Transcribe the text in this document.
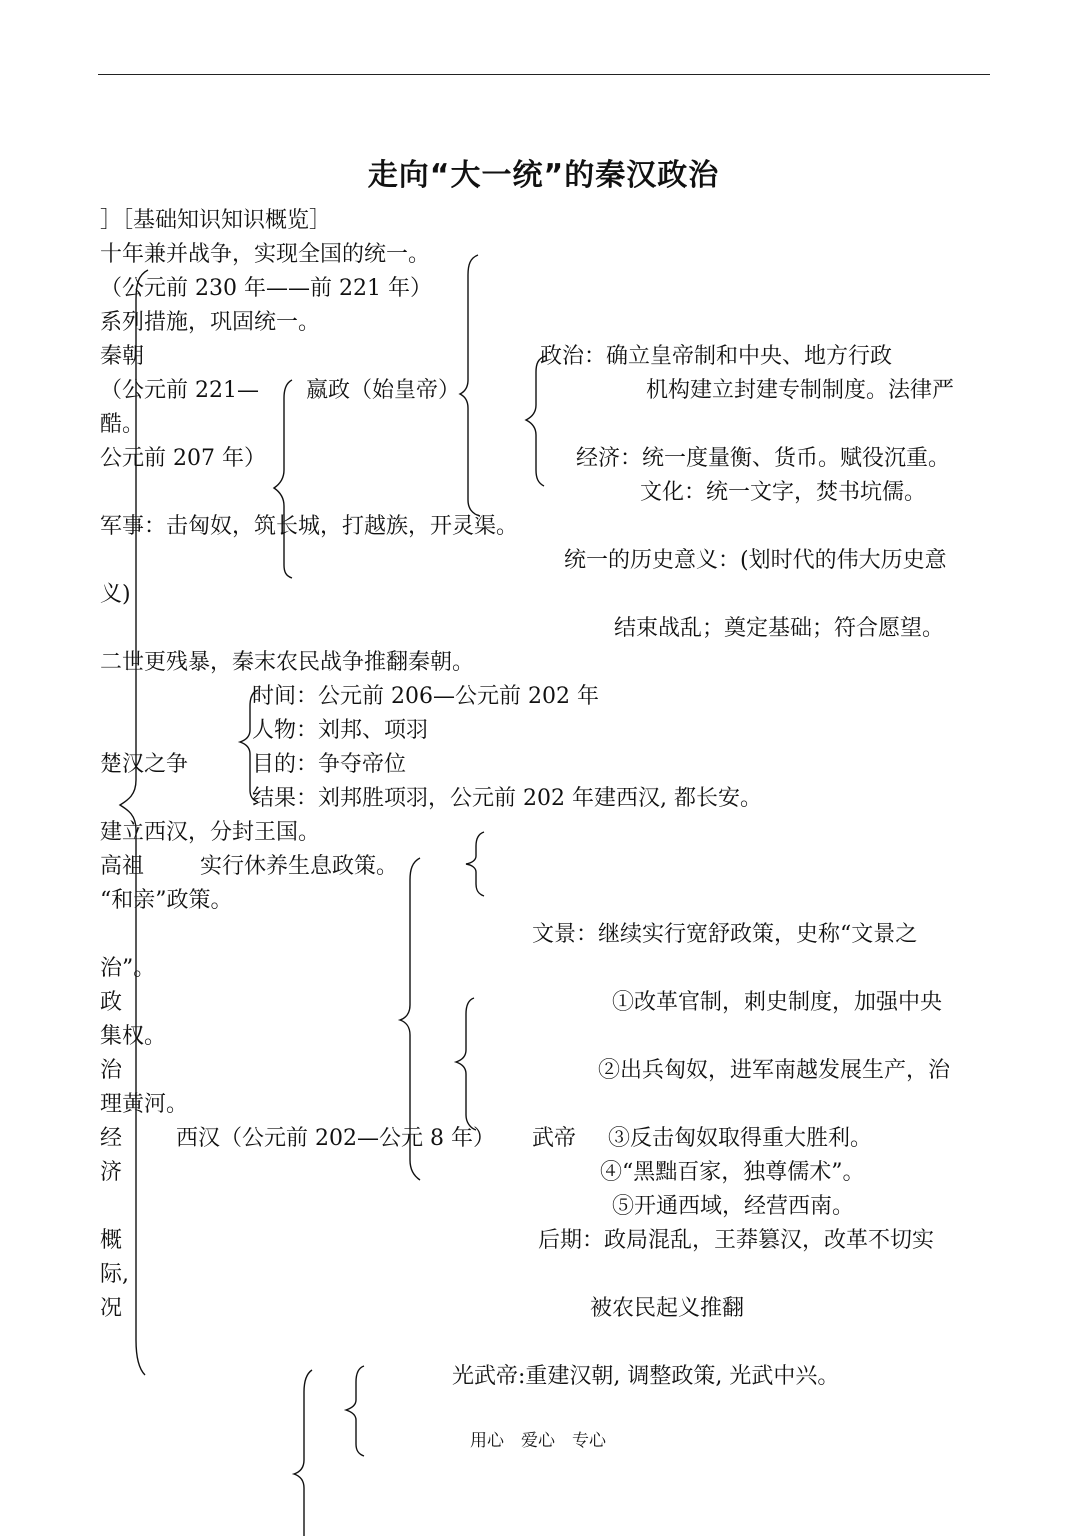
走向“大一统”的秦汉政治
］［基础知识知识概览］
十年兼并战争，实现全国的统一。
（公元前 230 年——前 221 年）
系列措施，巩固统一。
秦朝	政治：确立皇帝制和中央、地方行政
（公元前 221— 嬴政（始皇帝）	机构建立封建专制制度。法律严
酷。
公元前 207 年）	经济：统一度量衡、货币。赋役沉重。
文化：统一文字，焚书坑儒。
军事：击匈奴，筑长城，打越族，开灵渠。
统一的历史意义：(划时代的伟大历史意
义)
结束战乱；奠定基础；符合愿望。
二世更残暴，秦末农民战争推翻秦朝。
时间：公元前 206—公元前 202 年
人物：刘邦、项羽
楚汉之争	目的：争夺帝位
结果：刘邦胜项羽，公元前 202 年建西汉, 都长安。
建立西汉，分封王国。
高祖	实行休养生息政策。
“和亲”政策。
文景：继续实行宽舒政策，史称“文景之
治”。
政	①改革官制，刺史制度，加强中央
集权。
治	②出兵匈奴，进军南越发展生产，治
理黄河。
经 西汉（公元前 202—公元 8 年） 武帝 ③反击匈奴取得重大胜利。
济	④“黑黜百家，独尊儒术”。
⑤开通西域，经营西南。
概	后期：政局混乱，王莽篡汉，改革不切实
际,
况	被农民起义推翻
光武帝:重建汉朝, 调整政策, 光武中兴。
用心　爱心　专心
